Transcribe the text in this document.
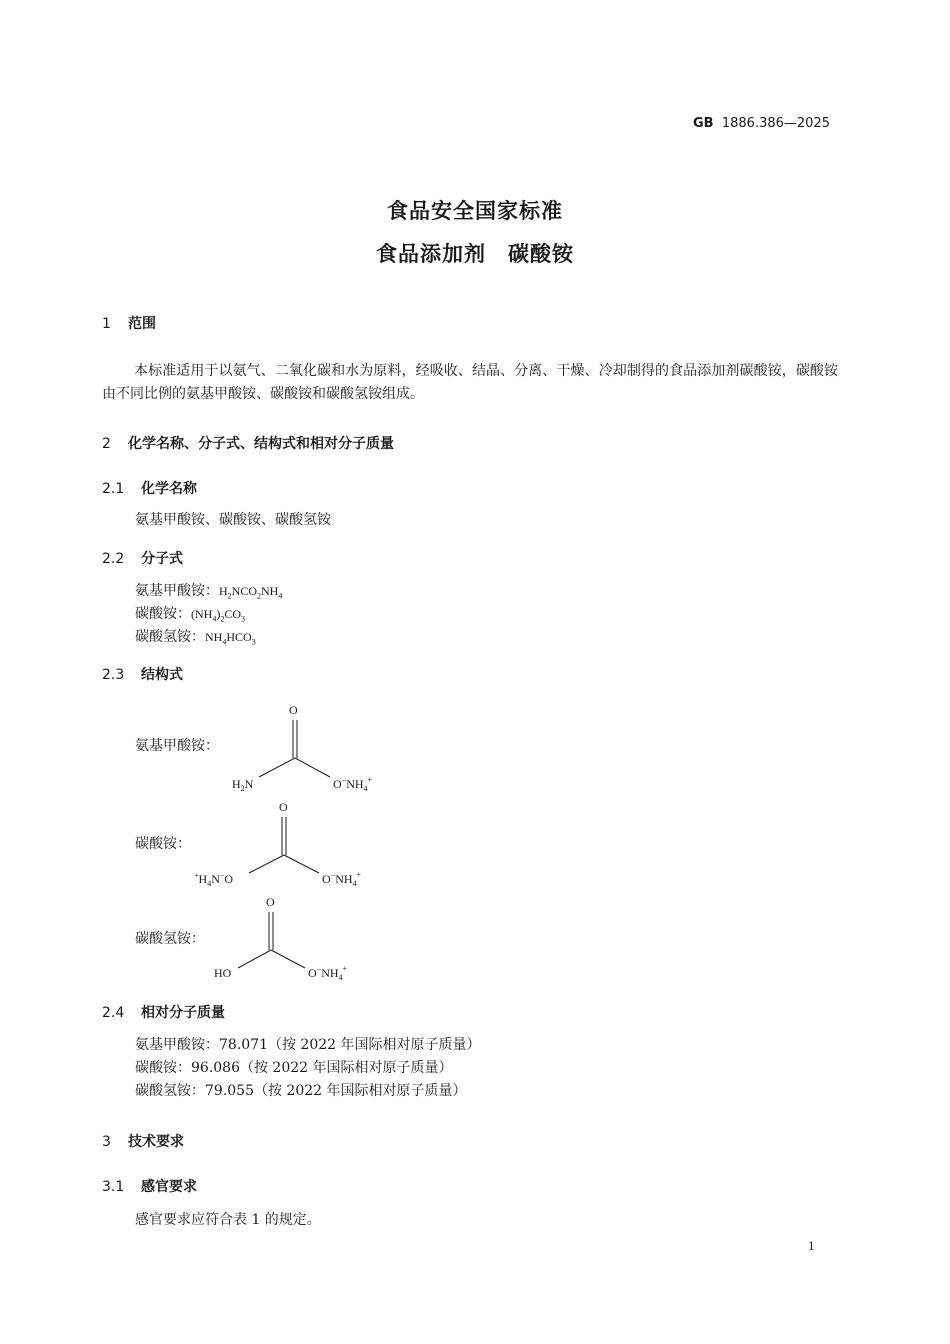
GB 1886.386—2025
食品安全国家标准
食品添加剂　碳酸铵
1 范围
本标准适用于以氨气、二氧化碳和水为原料，经吸收、结晶、分离、干燥、冷却制得的食品添加剂碳酸铵，碳酸铵由不同比例的氨基甲酸铵、碳酸铵和碳酸氢铵组成。
2 化学名称、分子式、结构式和相对分子质量
2.1 化学名称
氨基甲酸铵、碳酸铵、碳酸氢铵
2.2 分子式
氨基甲酸铵：$H_2NCO_2NH_4$
碳酸铵：$(NH_4)_2CO_3$
碳酸氢铵：$NH_4HCO_3$
2.3 结构式
氨基甲酸铵：
碳酸铵：
碳酸氢铵：
O
$H_2N$	$O^-NH_4^+$
O
$^+H_4N^-O$	$O^-NH_4^+$
O
HO	$O^-NH_4^+$
2.4 相对分子质量
氨基甲酸铵：78.071（按 2022 年国际相对原子质量）
碳酸铵：96.086（按 2022 年国际相对原子质量）
碳酸氢铵：79.055（按 2022 年国际相对原子质量）
3 技术要求
3.1 感官要求
感官要求应符合表 1 的规定。
1
